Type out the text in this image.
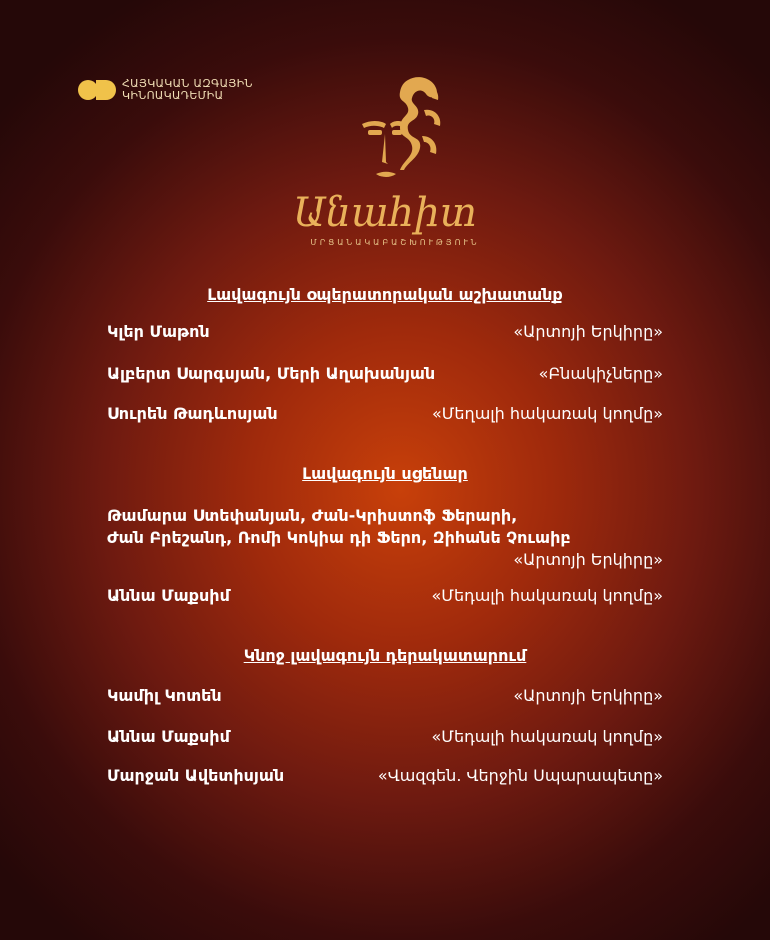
ՀԱՅԿԱԿԱՆ ԱԶԳԱՅԻՆ
ԿԻՆՈԱԿԱԴԵՄԻԱ
Անահիտ
ՄՐՑԱՆԱԿԱԲԱՇԽՈՒԹՅՈՒՆ
Լավագույն օպերատորական աշխատանք
Կլեր Մաթոն	«Արտոյի Երկիրը»
Ալբերտ Սարգսյան, Մերի Աղախանյան	«Բնակիչները»
Սուրեն Թադևոսյան	«Մեղալի հակառակ կողմը»
Լավագույն սցենար
Թամարա Ստեփանյան, Ժան-Կրիստոֆ Ֆերարի,
Ժան Բրեշանդ, Ռոմի Կոկիա դի Ֆերո, Զիհանե Չուաիբ
«Արտոյի Երկիրը»
Աննա Մաքսիմ	«Մեդալի հակառակ կողմը»
Կնոջ լավագույն դերակատարում
Կամիլ Կոտեն	«Արտոյի Երկիրը»
Աննա Մաքսիմ	«Մեդալի հակառակ կողմը»
Մարջան Ավետիսյան	«Վազգեն. Վերջին Սպարապետը»
